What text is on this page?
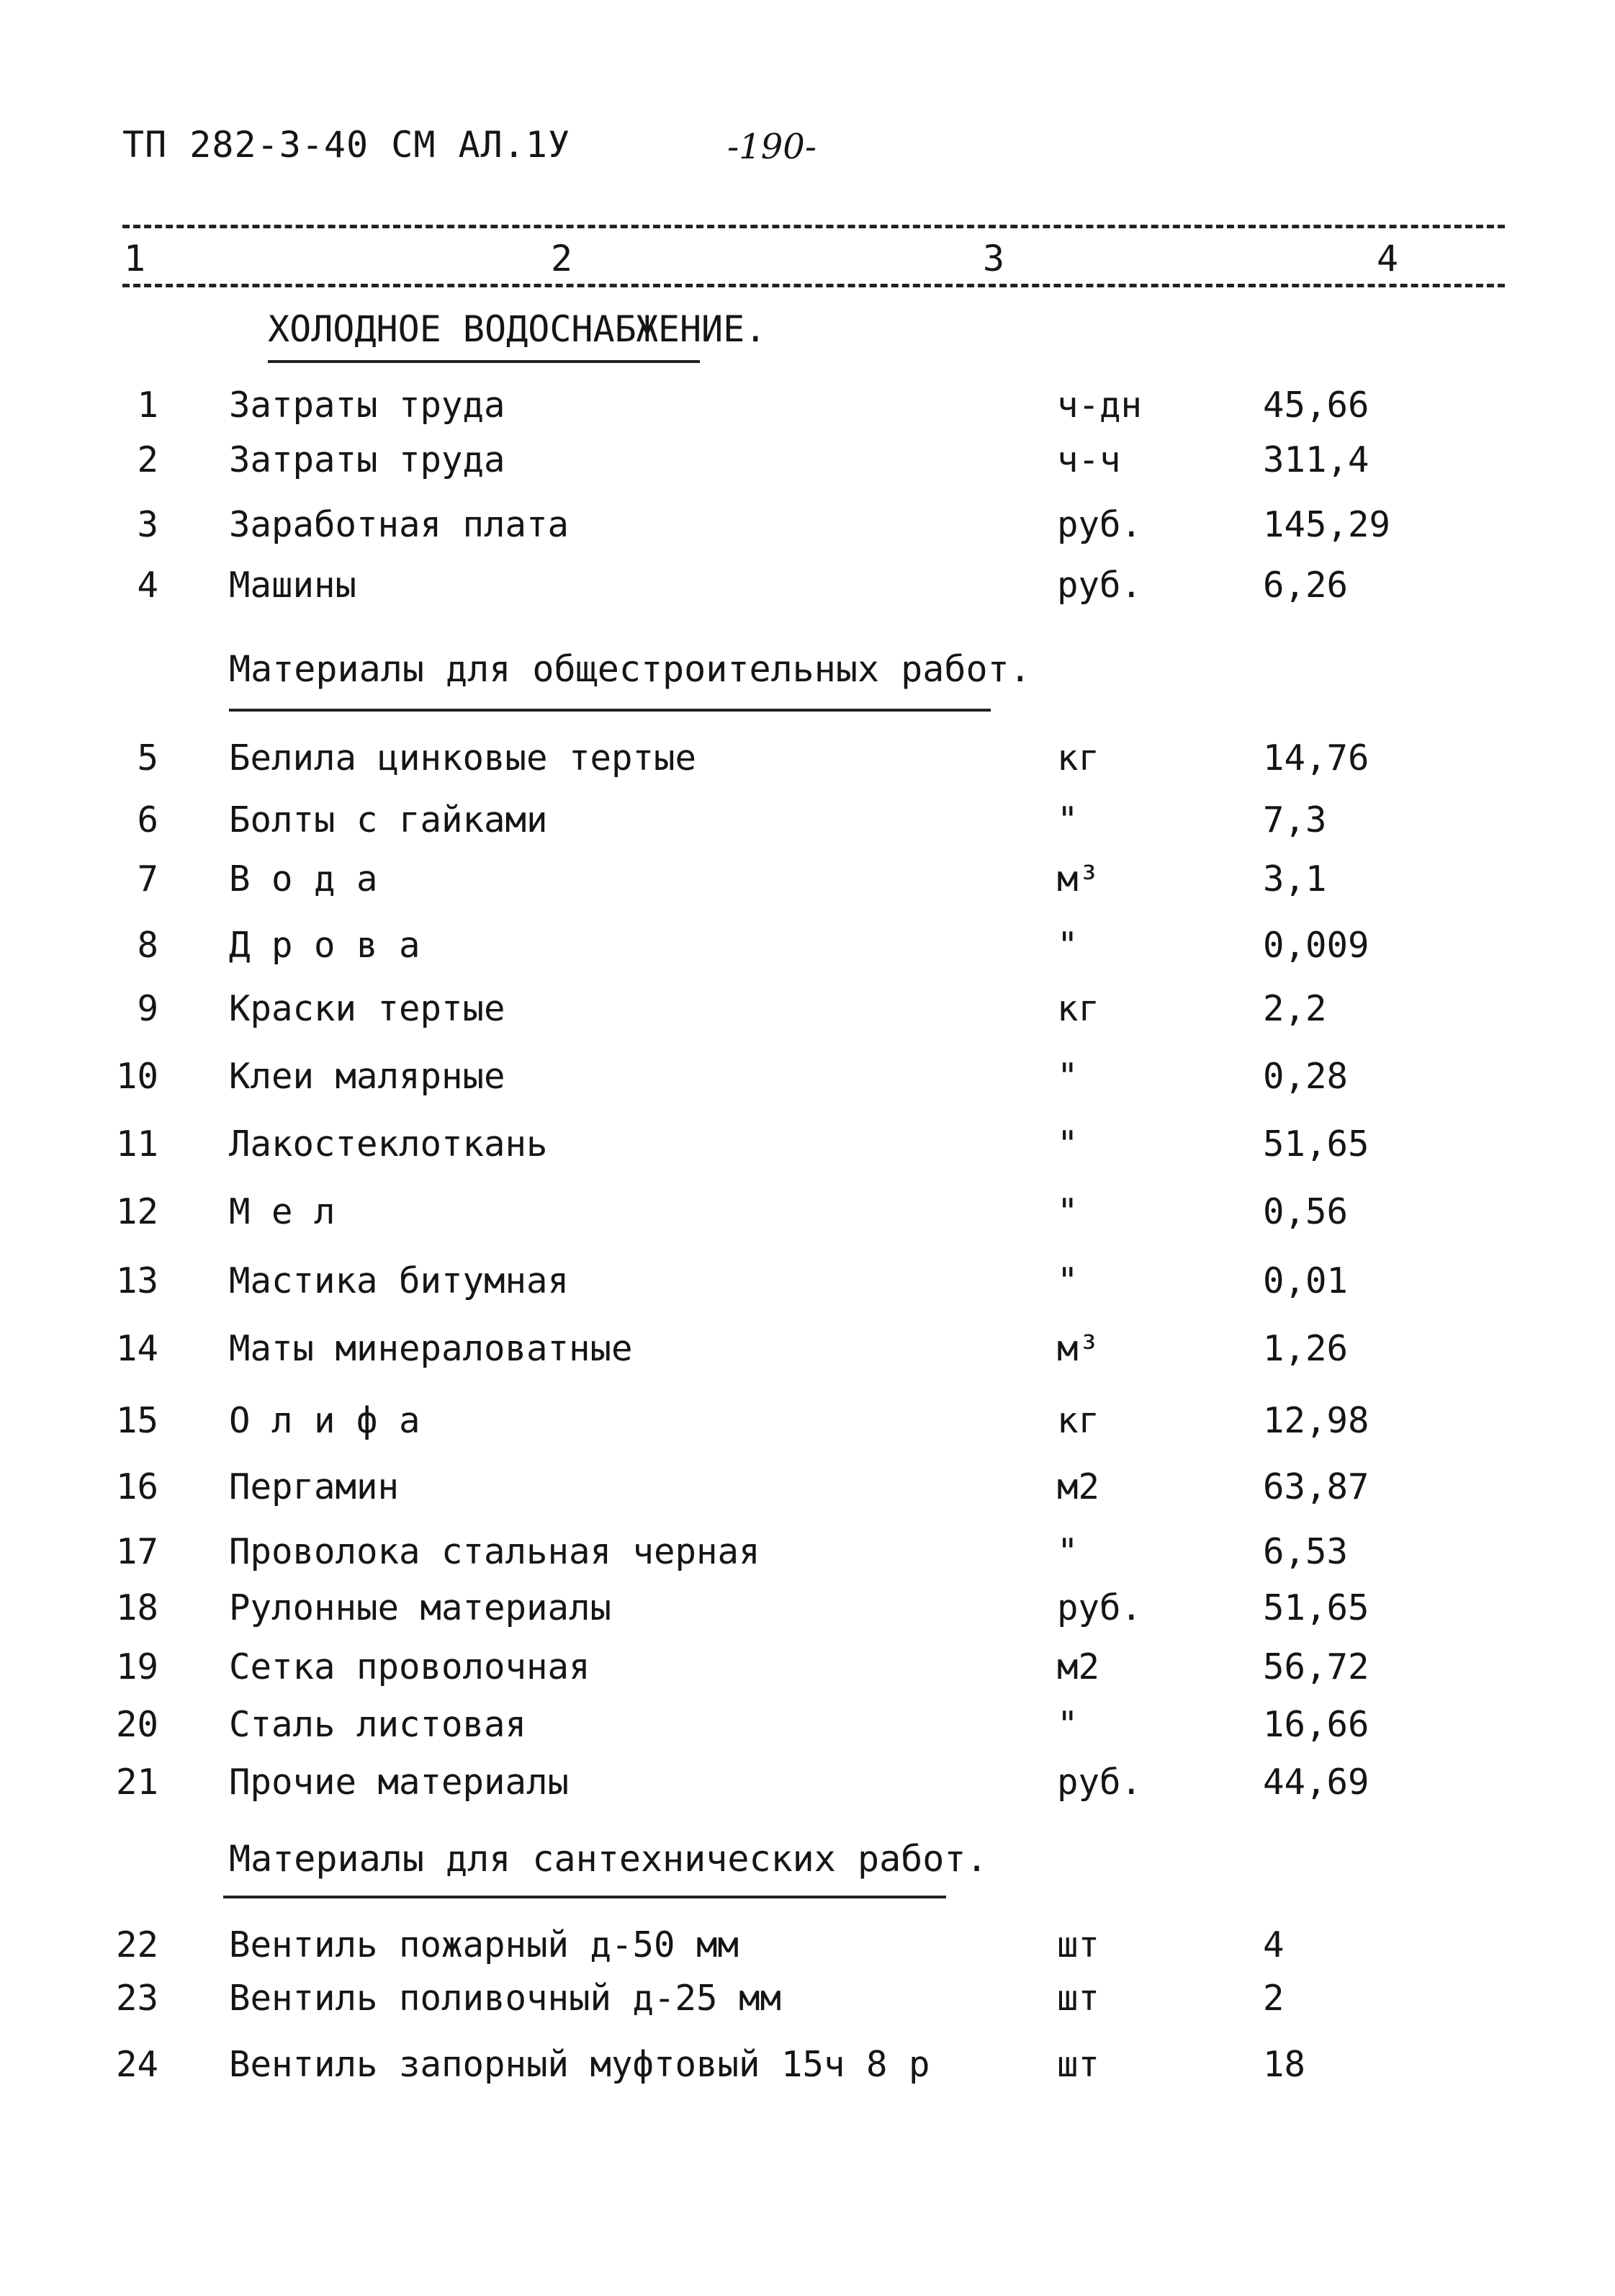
ТП 282-3-40 СМ АЛ.1У	-190-
1	2	3	4
ХОЛОДНОЕ ВОДОСНАБЖЕНИЕ.
Материалы для общестроительных работ.
Материалы для сантехнических работ.
1 Затраты труда	ч-дн	45,66
2 Затраты труда	ч-ч	311,4
3 Заработная плата	руб.	145,29
4 Машины	руб.	6,26
5 Белила цинковые тертые	кг	14,76
6 Болты с гайками	"	7,3
7 В о д а	м³	3,1
8 Д р о в а	"	0,009
9 Краски тертые	кг	2,2
10 Клеи малярные	"	0,28
11 Лакостеклоткань	"	51,65
12 М е л	"	0,56
13 Мастика битумная	"	0,01
14 Маты минераловатные	м³	1,26
15 О л и ф а	кг	12,98
16 Пергамин	м2	63,87
17 Проволока стальная черная	"	6,53
18 Рулонные материалы	руб.	51,65
19 Сетка проволочная	м2	56,72
20 Сталь листовая	"	16,66
21 Прочие материалы	руб.	44,69
22 Вентиль пожарный д-50 мм	шт	4
23 Вентиль поливочный д-25 мм	шт	2
24 Вентиль запорный муфтовый 15ч 8 р	шт	18
